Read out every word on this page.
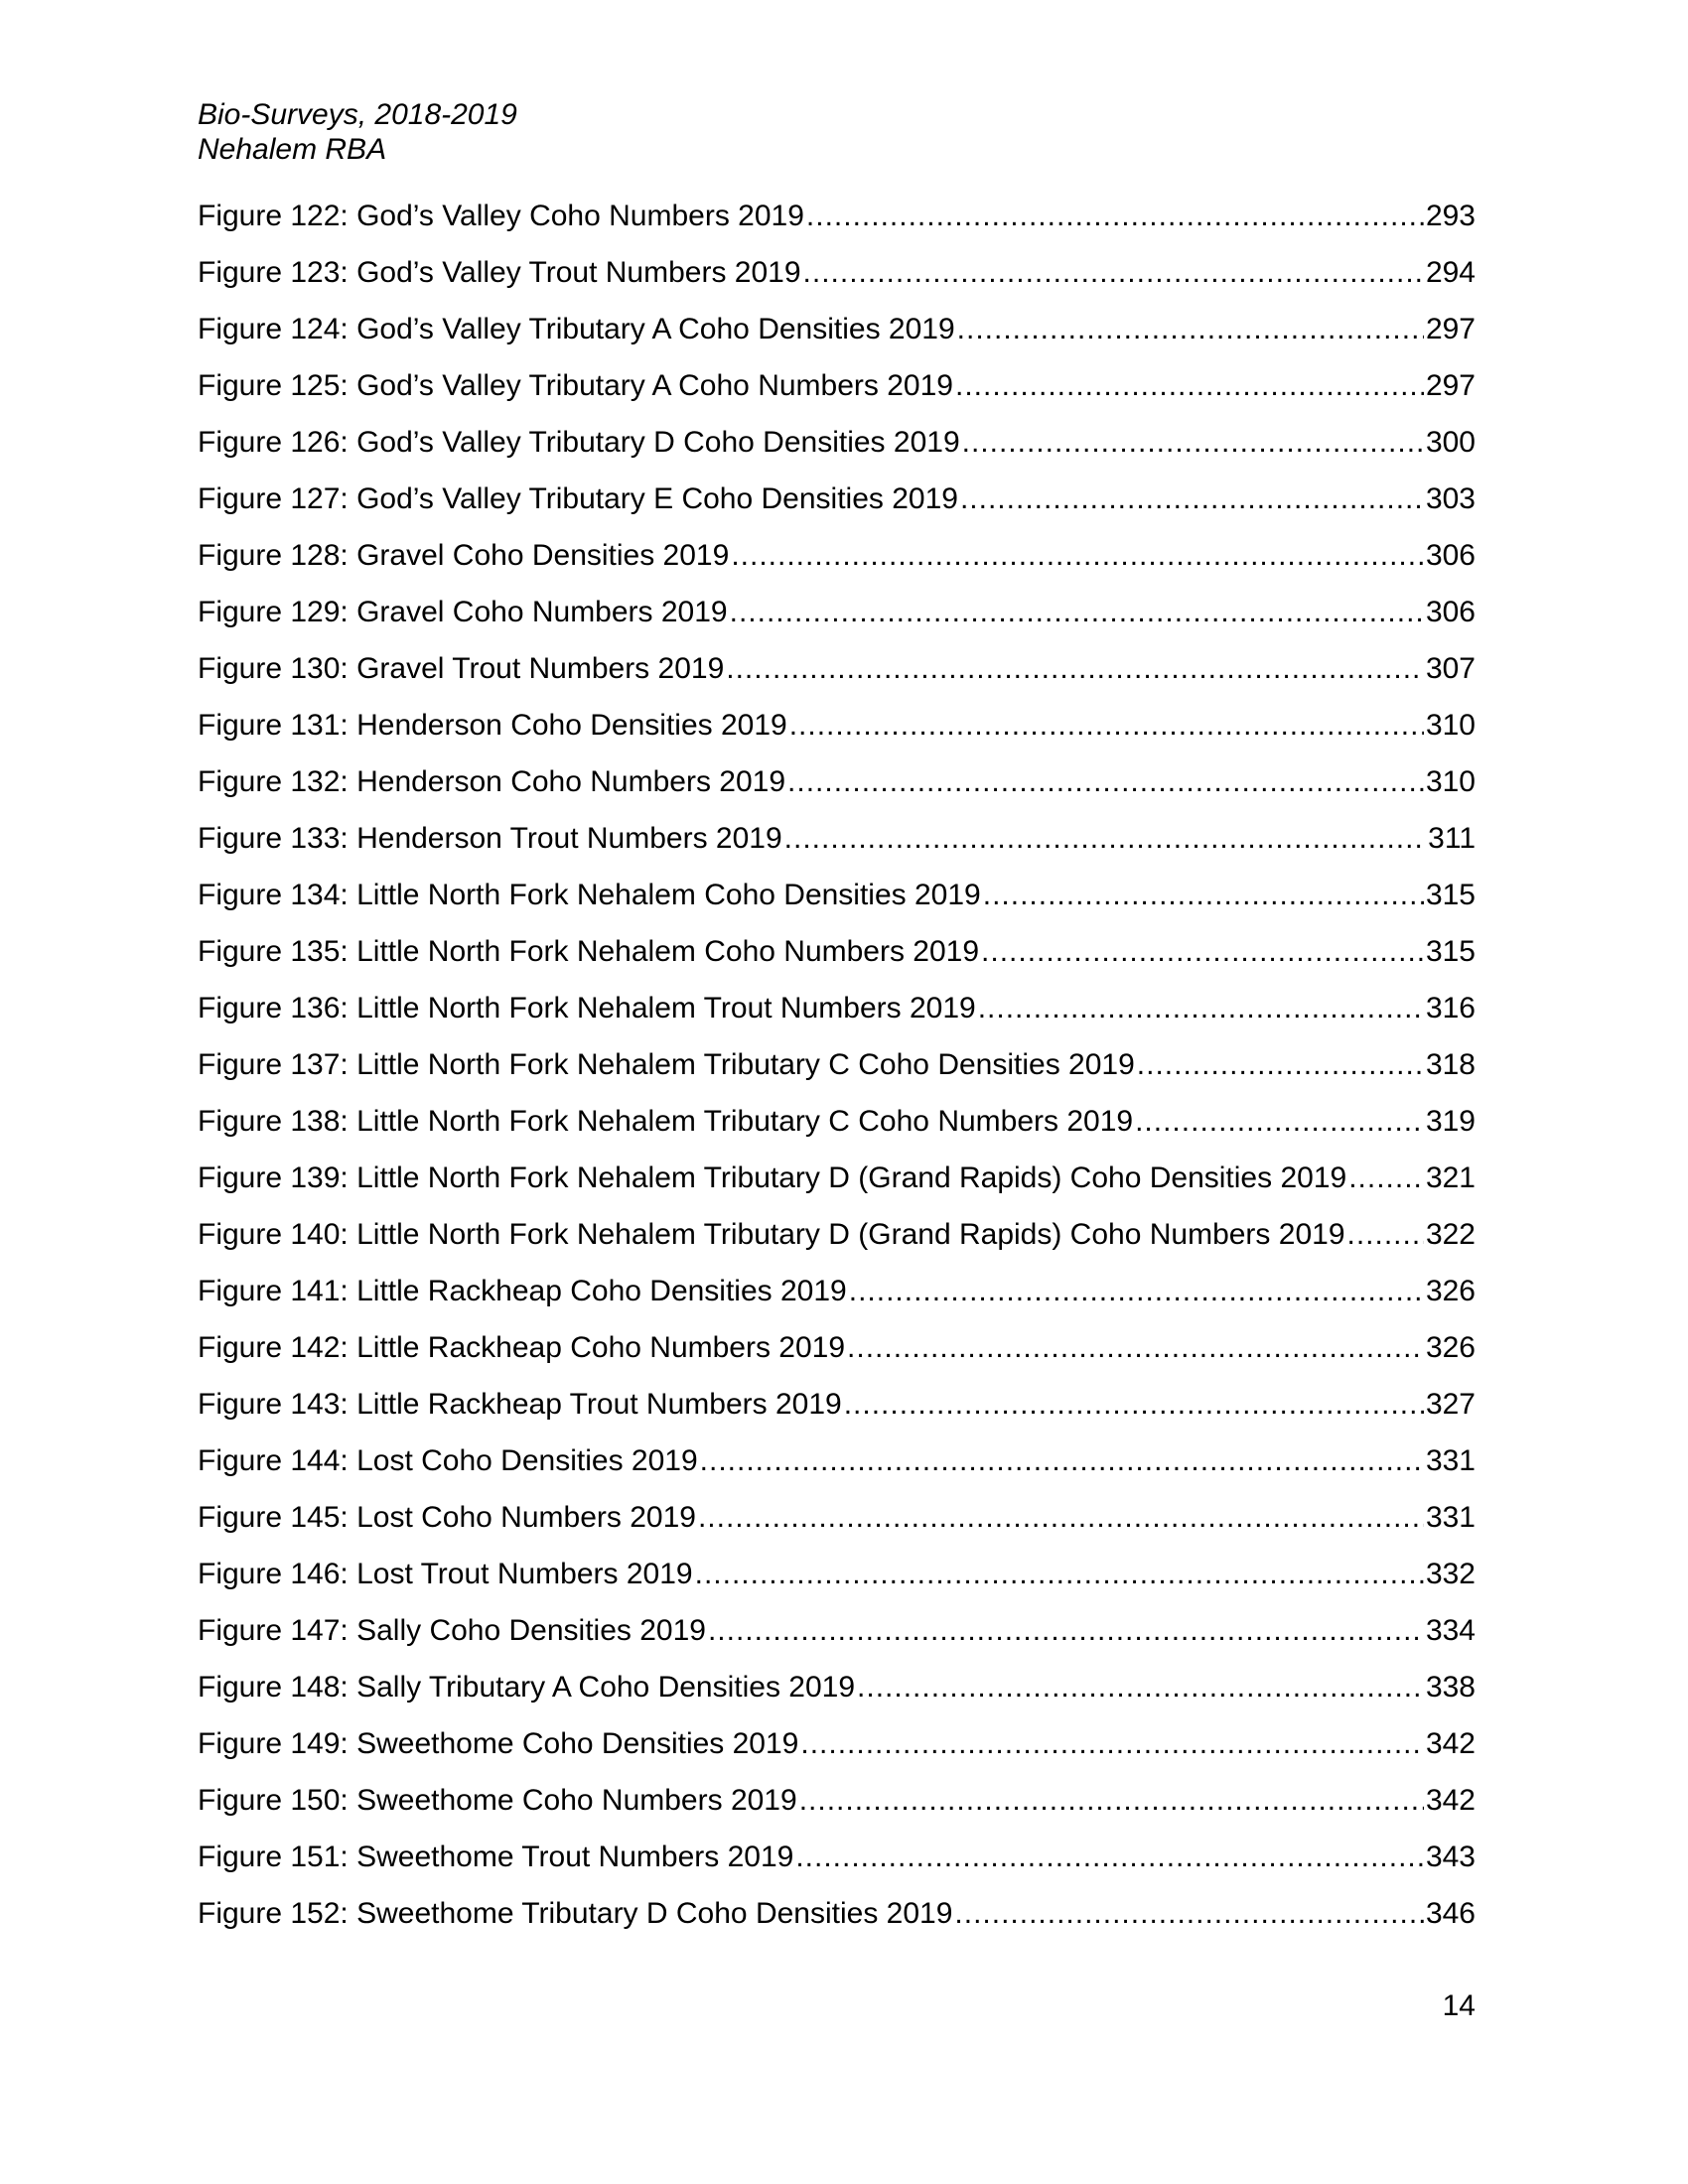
Bio-Surveys, 2018-2019
Nehalem RBA
Figure 122: God’s Valley Coho Numbers 2019 .....	293
Figure 123: God’s Valley Trout Numbers 2019 .....	294
Figure 124: God’s Valley Tributary A Coho Densities 2019 .....	297
Figure 125: God’s Valley Tributary A Coho Numbers 2019 .....	297
Figure 126: God’s Valley Tributary D Coho Densities 2019 .....	300
Figure 127: God’s Valley Tributary E Coho Densities 2019 .....	303
Figure 128: Gravel Coho Densities 2019 .....	306
Figure 129: Gravel Coho Numbers 2019 .....	306
Figure 130: Gravel Trout Numbers 2019 .....	307
Figure 131: Henderson Coho Densities 2019 .....	310
Figure 132: Henderson Coho Numbers 2019 .....	310
Figure 133: Henderson Trout Numbers 2019 .....	311
Figure 134: Little North Fork Nehalem Coho Densities 2019 .....	315
Figure 135: Little North Fork Nehalem Coho Numbers 2019 .....	315
Figure 136: Little North Fork Nehalem Trout Numbers 2019 .....	316
Figure 137: Little North Fork Nehalem Tributary C Coho Densities 2019 .....	318
Figure 138: Little North Fork Nehalem Tributary C Coho Numbers 2019 .....	319
Figure 139: Little North Fork Nehalem Tributary D (Grand Rapids) Coho Densities 2019 .....	321
Figure 140: Little North Fork Nehalem Tributary D (Grand Rapids) Coho Numbers 2019 .....	322
Figure 141: Little Rackheap Coho Densities 2019 .....	326
Figure 142: Little Rackheap Coho Numbers 2019 .....	326
Figure 143: Little Rackheap Trout Numbers 2019 .....	327
Figure 144: Lost Coho Densities 2019 .....	331
Figure 145: Lost Coho Numbers 2019 .....	331
Figure 146: Lost Trout Numbers 2019 .....	332
Figure 147: Sally Coho Densities 2019 .....	334
Figure 148: Sally Tributary A Coho Densities 2019 .....	338
Figure 149: Sweethome Coho Densities 2019 .....	342
Figure 150: Sweethome Coho Numbers 2019 .....	342
Figure 151: Sweethome Trout Numbers 2019 .....	343
Figure 152: Sweethome Tributary D Coho Densities 2019 .....	346
14
